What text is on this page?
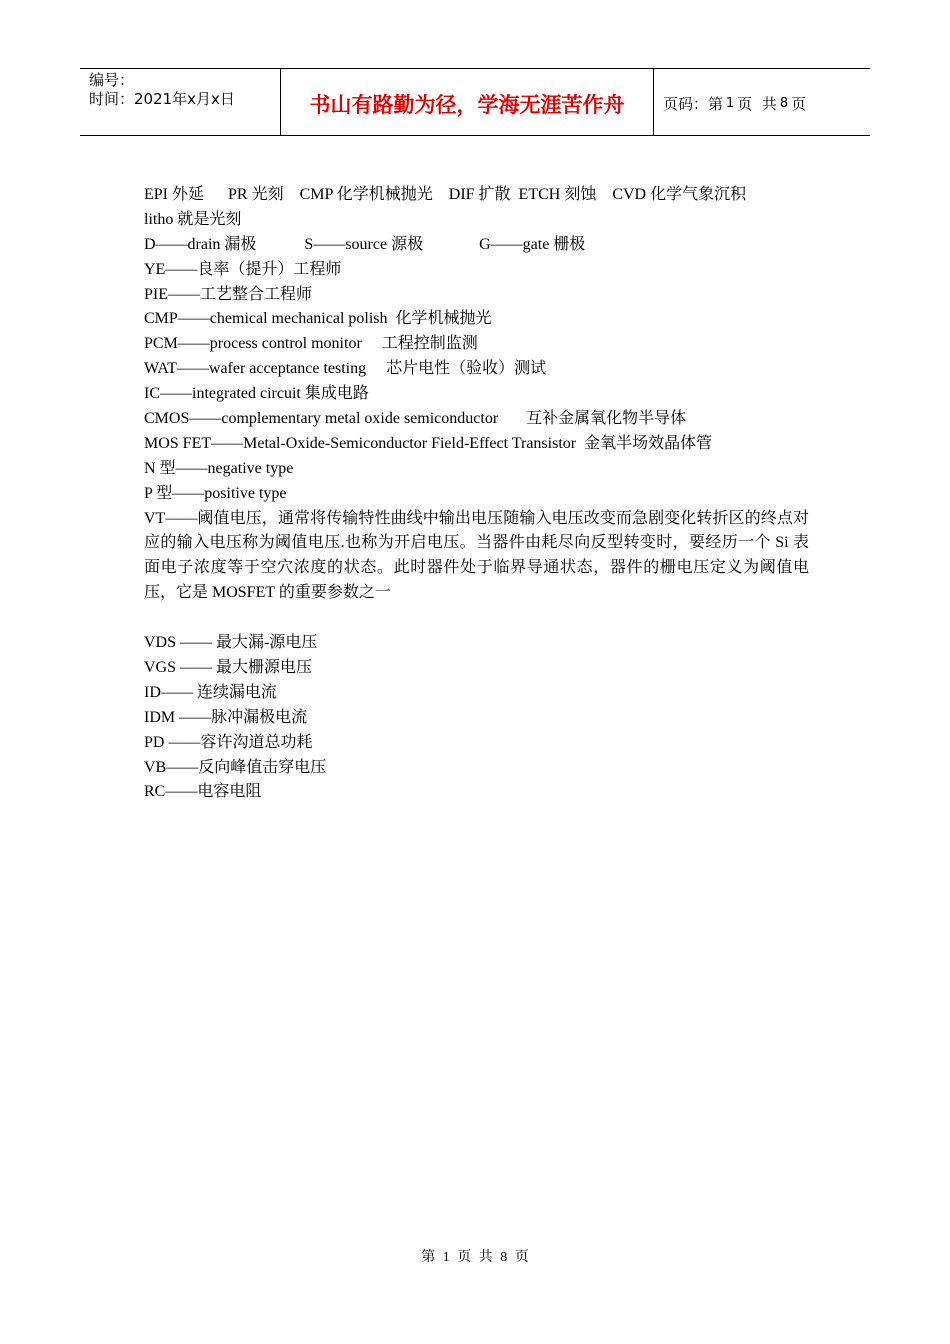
编号：
时间：2021年x月x日	书山有路勤为径，学海无涯苦作舟	页码：第 1 页  共 8 页
EPI 外延      PR 光刻    CMP 化学机械抛光    DIF 扩散  ETCH 刻蚀    CVD 化学气象沉积
litho 就是光刻
D——drain 漏极            S——source 源极              G——gate 栅极
YE——良率（提升）工程师
PIE——工艺整合工程师
CMP——chemical mechanical polish  化学机械抛光
PCM——process control monitor     工程控制监测
WAT——wafer acceptance testing     芯片电性（验收）测试
IC——integrated circuit 集成电路
CMOS——complementary metal oxide semiconductor       互补金属氧化物半导体
MOS FET——Metal-Oxide-Semiconductor Field-Effect Transistor  金氧半场效晶体管
N 型——negative type
P 型——positive type
VT——阈值电压，通常将传输特性曲线中输出电压随输入电压改变而急剧变化转折区的终点对应的输入电压称为阈值电压.也称为开启电压。当器件由耗尽向反型转变时，要经历一个 Si 表面电子浓度等于空穴浓度的状态。此时器件处于临界导通状态，器件的栅电压定义为阈值电压，它是 MOSFET 的重要参数之一
VDS —— 最大漏-源电压
VGS —— 最大栅源电压
ID—— 连续漏电流
IDM ——脉冲漏极电流
PD ——容许沟道总功耗
VB——反向峰值击穿电压
RC——电容电阻
第 1 页 共 8 页
